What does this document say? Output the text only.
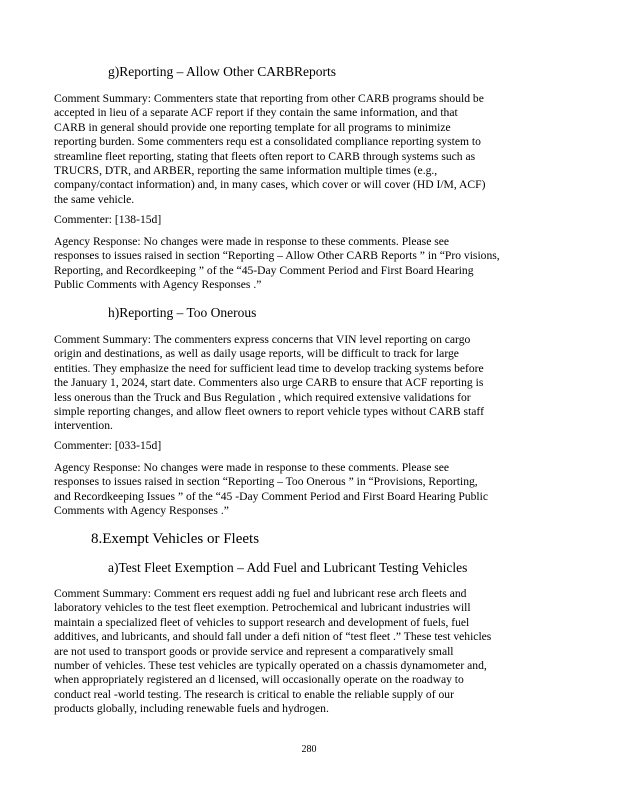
g)Reporting – Allow Other CARBReports
Comment Summary: Commenters state that reporting from other CARB programs should be
accepted in lieu of a separate ACF report if they contain the same information, and that
CARB in general should provide one reporting template for all programs to minimize
reporting burden. Some commenters requ est a consolidated compliance reporting system to
streamline fleet reporting, stating that fleets often report to CARB through systems such as
TRUCRS, DTR, and ARBER, reporting the same information multiple times (e.g.,
company/contact information) and, in many cases, which cover or will cover (HD I/M, ACF)
the same vehicle.
Commenter: [138-15d]
Agency Response: No changes were made in response to these comments. Please see
responses to issues raised in section “Reporting – Allow Other CARB Reports ” in “Pro visions,
Reporting, and Recordkeeping ” of the “45-Day Comment Period and First Board Hearing
Public Comments with Agency Responses .”
h)Reporting – Too Onerous
Comment Summary: The commenters express concerns that VIN level reporting on cargo
origin and destinations, as well as daily usage reports, will be difficult to track for large
entities. They emphasize the need for sufficient lead time to develop tracking systems before
the January 1, 2024, start date. Commenters also urge CARB to ensure that ACF reporting is
less onerous than the Truck and Bus Regulation , which required extensive validations for
simple reporting changes, and allow fleet owners to report vehicle types without CARB staff
intervention.
Commenter: [033-15d]
Agency Response: No changes were made in response to these comments. Please see
responses to issues raised in section “Reporting – Too Onerous ” in “Provisions, Reporting,
and Recordkeeping Issues ” of the “45 -Day Comment Period and First Board Hearing Public
Comments with Agency Responses .”
8.Exempt Vehicles or Fleets
a)Test Fleet Exemption – Add Fuel and Lubricant Testing Vehicles
Comment Summary: Comment ers request addi ng fuel and lubricant rese arch fleets and
laboratory vehicles to the test fleet exemption. Petrochemical and lubricant industries will
maintain a specialized fleet of vehicles to support research and development of fuels, fuel
additives, and lubricants, and should fall under a defi nition of “test fleet .” These test vehicles
are not used to transport goods or provide service and represent a comparatively small
number of vehicles. These test vehicles are typically operated on a chassis dynamometer and,
when appropriately registered an d licensed, will occasionally operate on the roadway to
conduct real -world testing. The research is critical to enable the reliable supply of our
products globally, including renewable fuels and hydrogen.
280
